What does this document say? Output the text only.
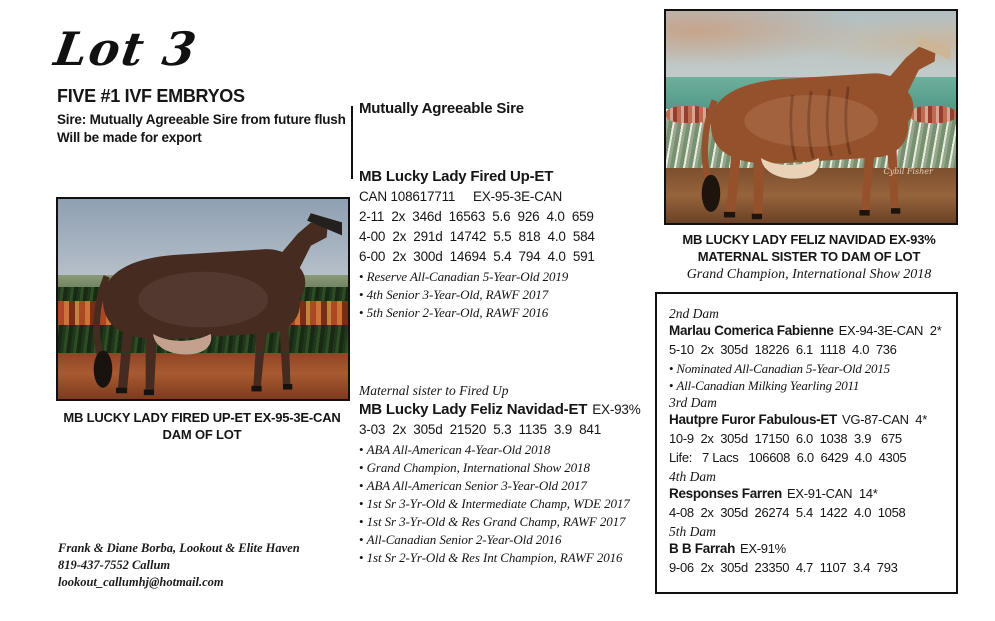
Lot 3
FIVE #1 IVF EMBRYOS

Sire: Mutually Agreeable Sire from future flush

Will be made for export

MB LUCKY LADY FIRED UP-ET EX-95-3E-CAN
DAM OF LOT
Mutually Agreeable Sire
MB Lucky Lady Fired Up-ET
CAN 108617711     EX-95-3E-CAN
2-11  2x  346d  16563  5.6  926  4.0  659
4-00  2x  291d  14742  5.5  818  4.0  584
6-00  2x  300d  14694  5.4  794  4.0  591
• Reserve All-Canadian 5-Year-Old 2019
• 4th Senior 3-Year-Old, RAWF 2017
• 5th Senior 2-Year-Old, RAWF 2016
Maternal sister to Fired Up
MB Lucky Lady Feliz Navidad-ET EX-93%
3-03  2x  305d  21520  5.3  1135  3.9  841
• ABA All-American 4-Year-Old 2018
• Grand Champion, International Show 2018
• ABA All-American Senior 3-Year-Old 2017
• 1st Sr 3-Yr-Old & Intermediate Champ, WDE 2017
• 1st Sr 3-Yr-Old & Res Grand Champ, RAWF 2017
• All-Canadian Senior 2-Year-Old 2016
• 1st Sr 2-Yr-Old & Res Int Champion, RAWF 2016
Cybil Fisher
MB LUCKY LADY FELIZ NAVIDAD EX-93%
MATERNAL SISTER TO DAM OF LOT
Grand Champion, International Show 2018
2nd Dam
Marlau Comerica Fabienne EX-94-3E-CAN  2*
5-10  2x  305d  18226  6.1  1118  4.0  736
• Nominated All-Canadian 5-Year-Old 2015
• All-Canadian Milking Yearling 2011
3rd Dam
Hautpre Furor Fabulous-ET VG-87-CAN  4*
10-9  2x  305d  17150  6.0  1038  3.9   675
Life:   7 Lacs   106608  6.0  6429  4.0  4305
4th Dam
Responses Farren EX-91-CAN  14*
4-08  2x  305d  26274  5.4  1422  4.0  1058
5th Dam
B B Farrah EX-91%
9-06  2x  305d  23350  4.7  1107  3.4  793
Frank & Diane Borba, Lookout & Elite Haven
819-437-7552 Callum
lookout_callumhj@hotmail.com
